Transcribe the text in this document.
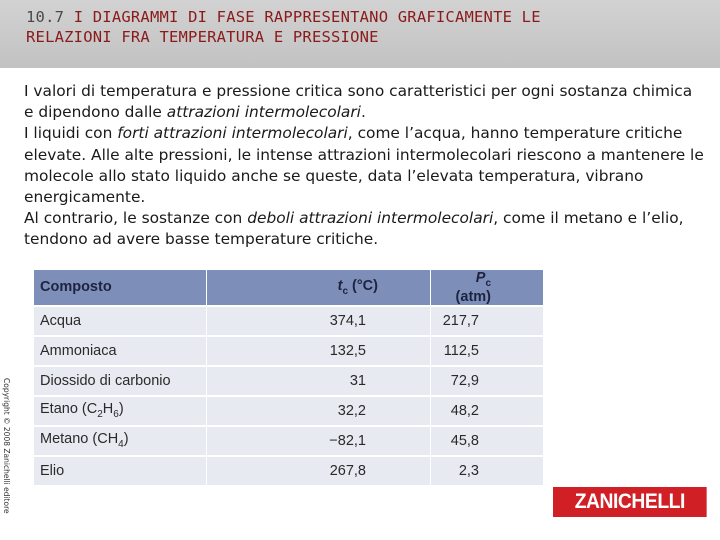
10.7 I DIAGRAMMI DI FASE RAPPRESENTANO GRAFICAMENTE LE
RELAZIONI FRA TEMPERATURA E PRESSIONE

I valori di temperatura e pressione critica sono caratteristici per ogni sostanza chimica e dipendono dalle attrazioni intermolecolari.

I liquidi con forti attrazioni intermolecolari, come l’acqua, hanno temperature critiche elevate. Alle alte pressioni, le intense attrazioni intermolecolari riescono a mantenere le molecole allo stato liquido anche se queste, data l’elevata temperatura, vibrano energicamente.

Al contrario, le sostanze con deboli attrazioni intermolecolari, come il metano e l’elio, tendono ad avere basse temperature critiche.

Copyright © 2008 Zanichelli editore
Composto	$t_c$ (°C)	$P_c$ (atm)
Acqua	374,1	217,7
Ammoniaca	132,5	112,5
Diossido di carbonio	31	72,9
Etano $(C_2H_6)$	32,2	48,2
Metano $(CH_4)$	−82,1	45,8
Elio	267,8	2,3
ZANICHELLI
